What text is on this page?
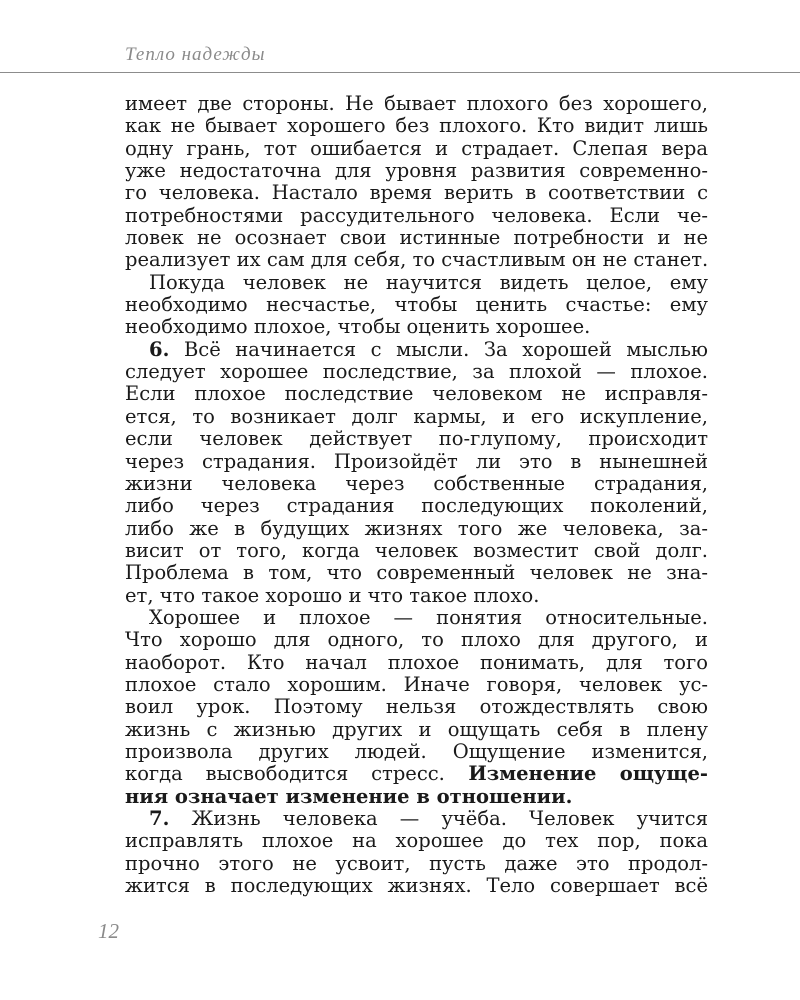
Тепло надежды
имеет две стороны. Не бывает плохого без хорошего,
как не бывает хорошего без плохого. Кто видит лишь
одну грань, тот ошибается и страдает. Слепая вера
уже недостаточна для уровня развития современно-
го человека. Настало время верить в соответствии с
потребностями рассудительного человека. Если че-
ловек не осознает свои истинные потребности и не
реализует их сам для себя, то счастливым он не станет.
Покуда человек не научится видеть целое, ему
необходимо несчастье, чтобы ценить счастье: ему
необходимо плохое, чтобы оценить хорошее.
6. Всё начинается с мысли. За хорошей мыслью
следует хорошее последствие, за плохой — плохое.
Если плохое последствие человеком не исправля-
ется, то возникает долг кармы, и его искупление,
если человек действует по-глупому, происходит
через страдания. Произойдёт ли это в нынешней
жизни человека через собственные страдания,
либо через страдания последующих поколений,
либо же в будущих жизнях того же человека, за-
висит от того, когда человек возместит свой долг.
Проблема в том, что современный человек не зна-
ет, что такое хорошо и что такое плохо.
Хорошее и плохое — понятия относительные.
Что хорошо для одного, то плохо для другого, и
наоборот. Кто начал плохое понимать, для того
плохое стало хорошим. Иначе говоря, человек ус-
воил урок. Поэтому нельзя отождествлять свою
жизнь с жизнью других и ощущать себя в плену
произвола других людей. Ощущение изменится,
когда высвободится стресс. Изменение ощуще-
ния означает изменение в отношении.
7. Жизнь человека — учёба. Человек учится
исправлять плохое на хорошее до тех пор, пока
прочно этого не усвоит, пусть даже это продол-
жится в последующих жизнях. Тело совершает всё
12
